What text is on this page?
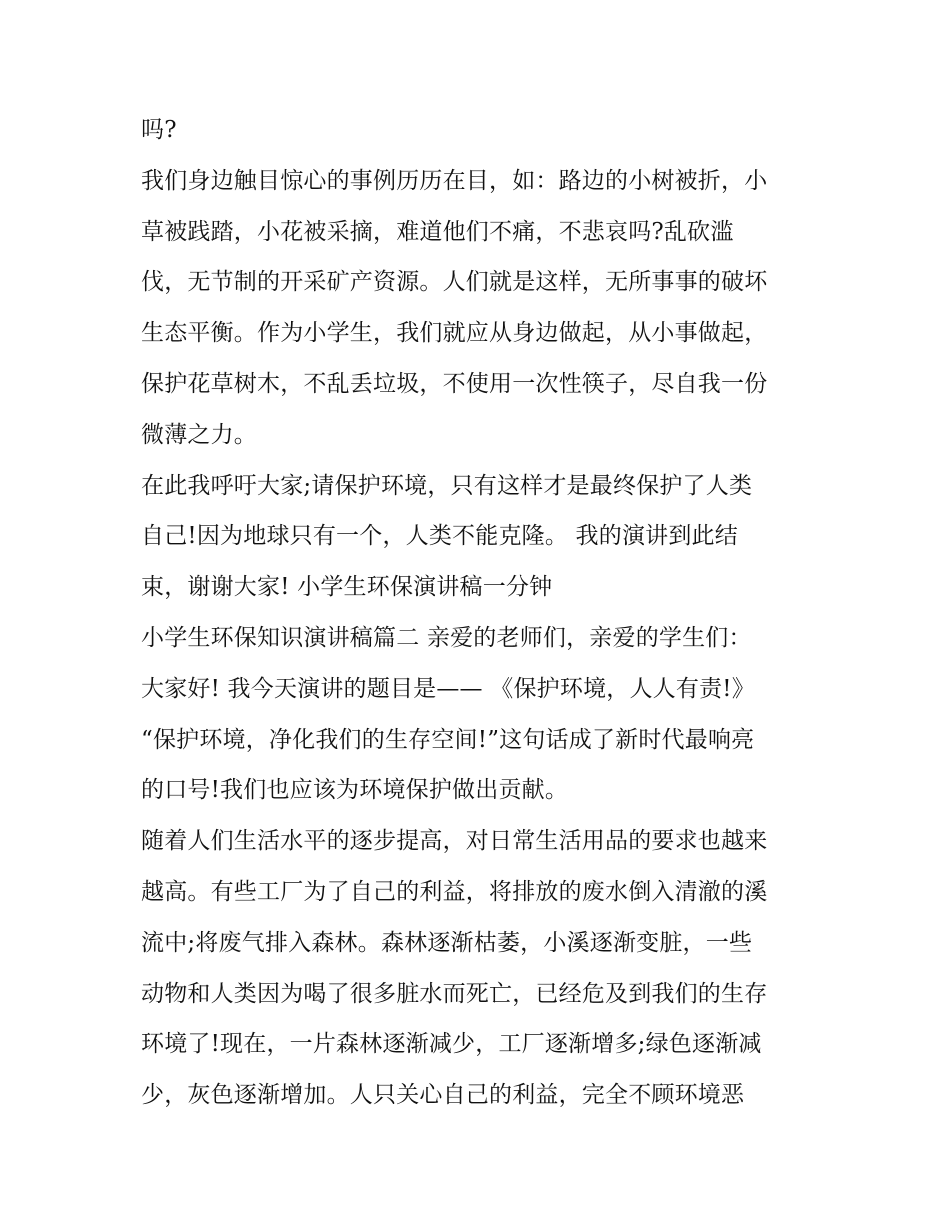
吗?
我们身边触目惊心的事例历历在目，如：路边的小树被折，小
草被践踏，小花被采摘，难道他们不痛，不悲哀吗?乱砍滥
伐，无节制的开采矿产资源。人们就是这样，无所事事的破坏
生态平衡。作为小学生，我们就应从身边做起，从小事做起，
保护花草树木，不乱丢垃圾，不使用一次性筷子，尽自我一份
微薄之力。
在此我呼吁大家;请保护环境，只有这样才是最终保护了人类
自己!因为地球只有一个，人类不能克隆。 我的演讲到此结
束，谢谢大家! 小学生环保演讲稿一分钟
小学生环保知识演讲稿篇二 亲爱的老师们，亲爱的学生们：
大家好! 我今天演讲的题目是—— 《保护环境，人人有责!》
“保护环境，净化我们的生存空间!”这句话成了新时代最响亮
的口号!我们也应该为环境保护做出贡献。
随着人们生活水平的逐步提高，对日常生活用品的要求也越来
越高。有些工厂为了自己的利益，将排放的废水倒入清澈的溪
流中;将废气排入森林。森林逐渐枯萎，小溪逐渐变脏，一些
动物和人类因为喝了很多脏水而死亡，已经危及到我们的生存
环境了!现在，一片森林逐渐减少，工厂逐渐增多;绿色逐渐减
少，灰色逐渐增加。人只关心自己的利益，完全不顾环境恶
